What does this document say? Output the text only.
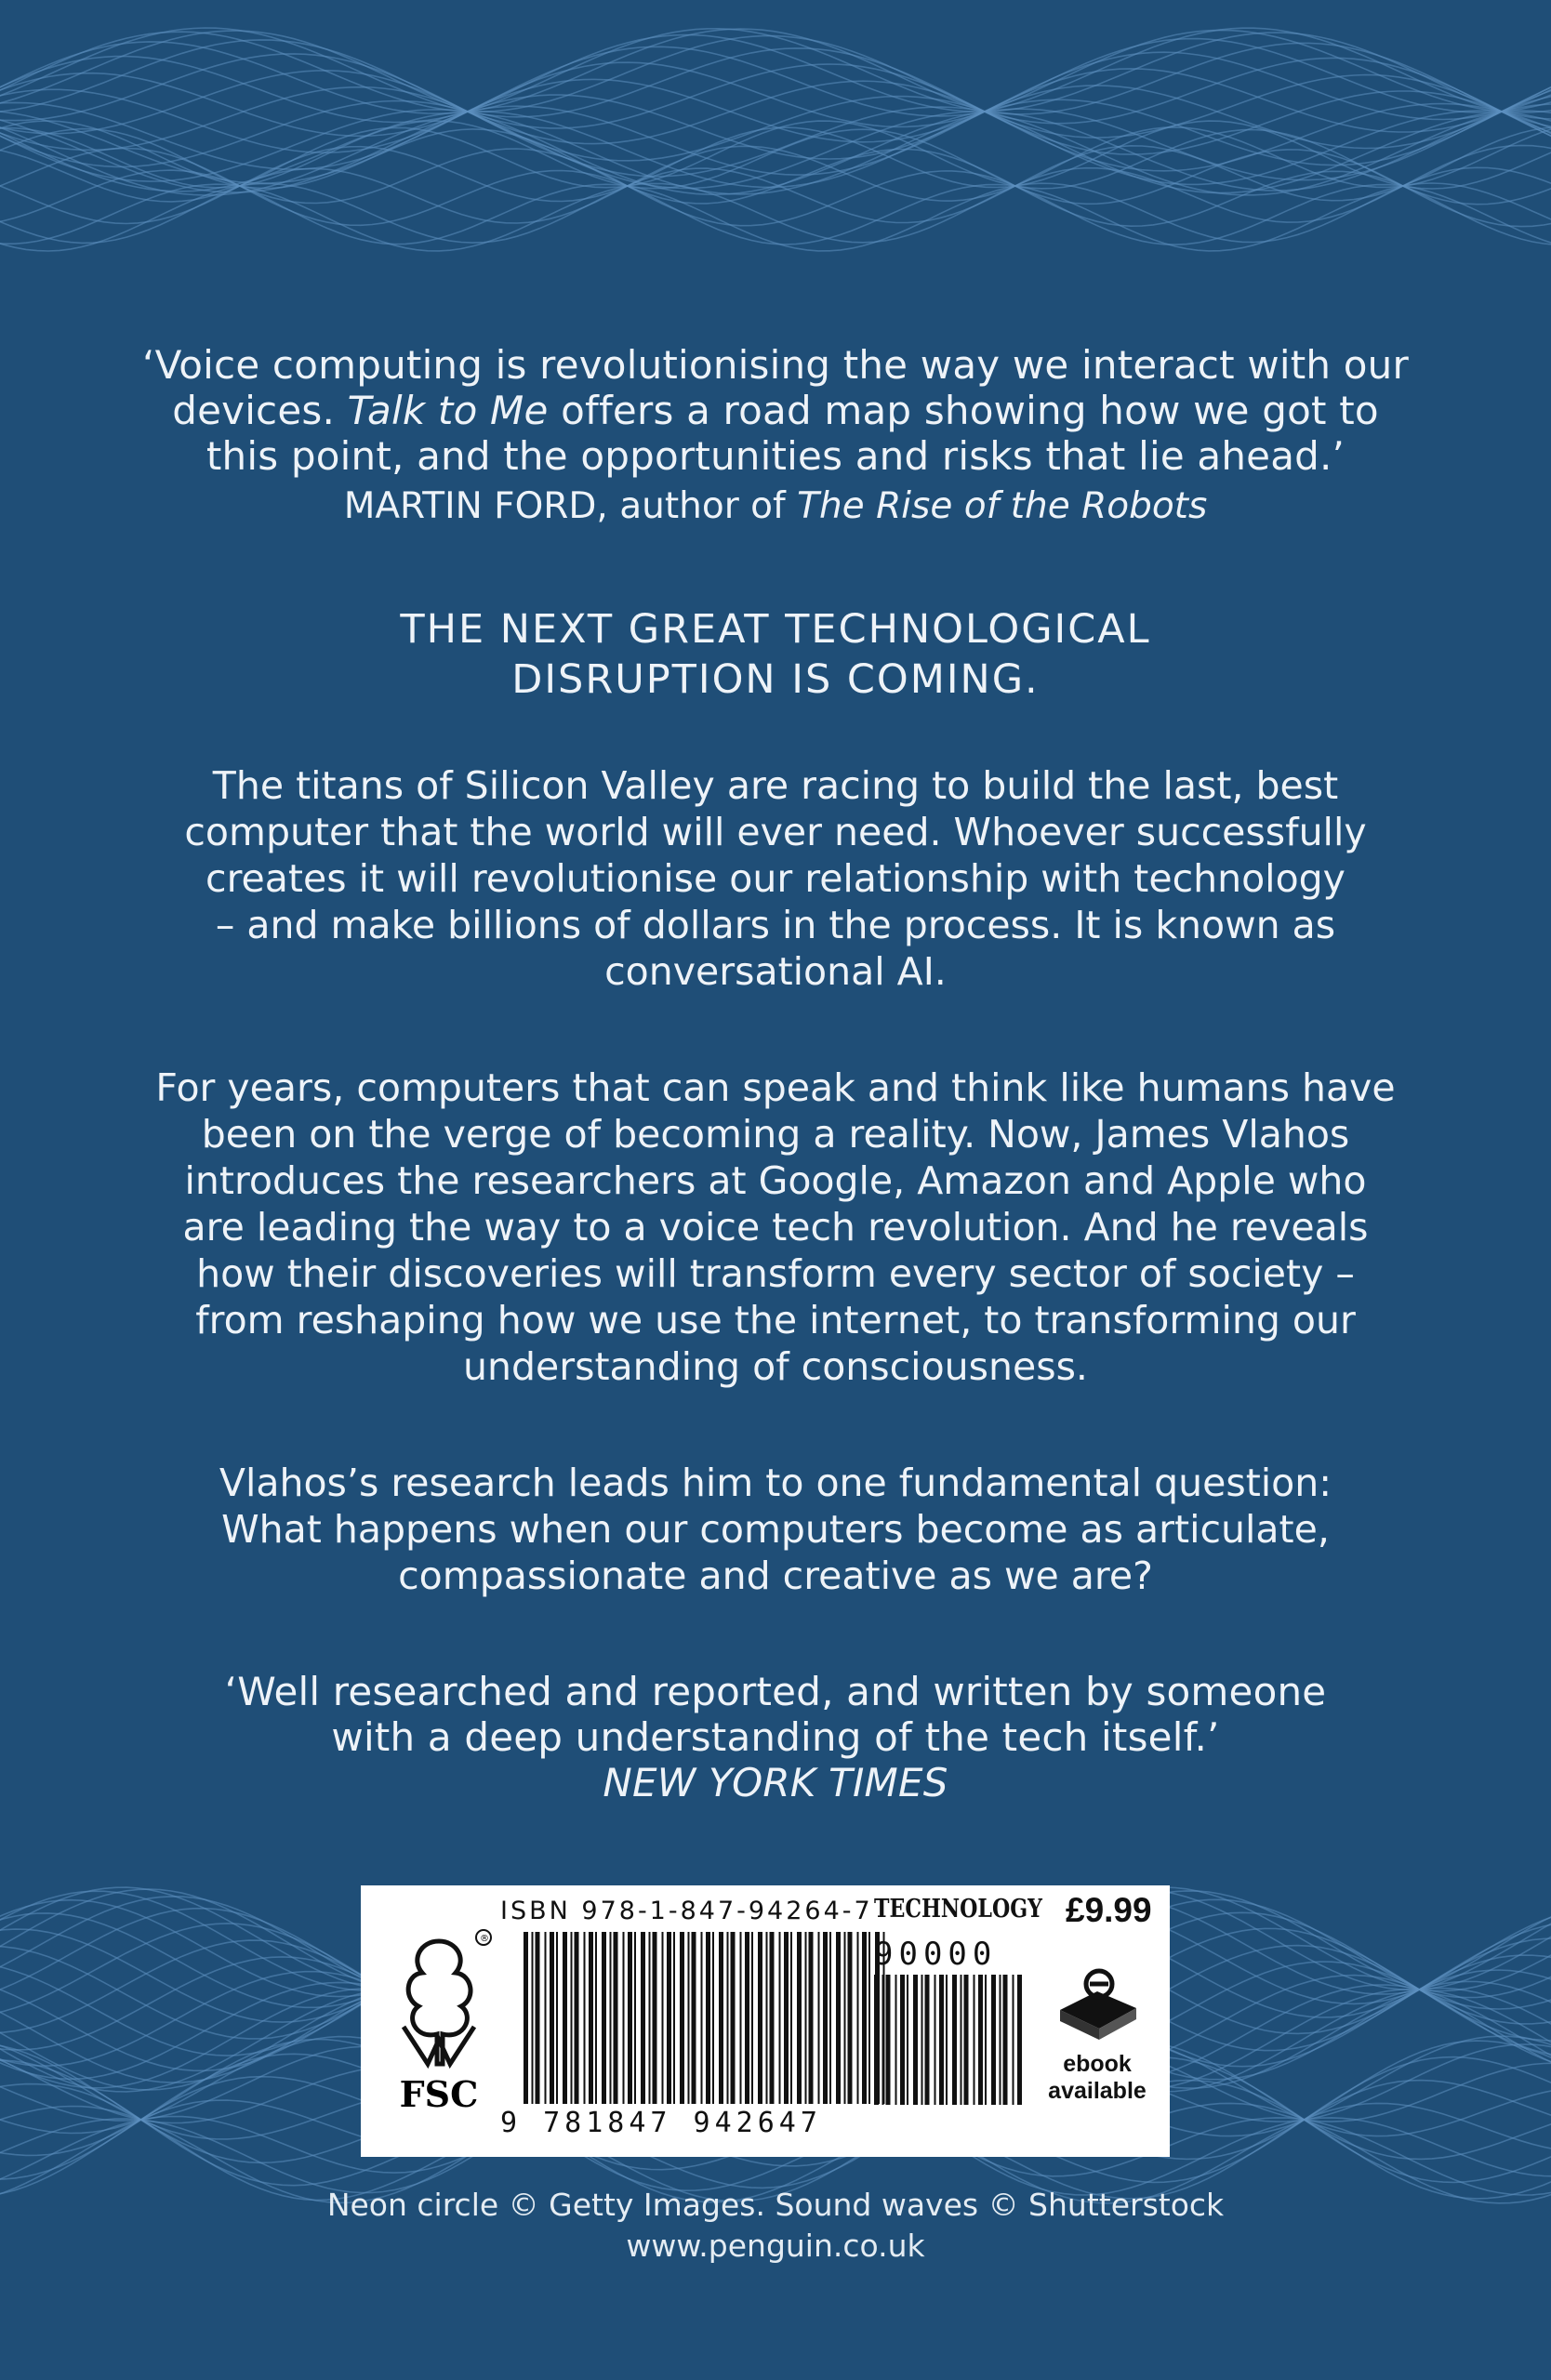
‘Voice computing is revolutionising the way we interact with our
devices. Talk to Me offers a road map showing how we got to
this point, and the opportunities and risks that lie ahead.’
MARTIN FORD, author of The Rise of the Robots
THE NEXT GREAT TECHNOLOGICAL
DISRUPTION IS COMING.
The titans of Silicon Valley are racing to build the last, best
computer that the world will ever need. Whoever successfully
creates it will revolutionise our relationship with technology
– and make billions of dollars in the process. It is known as
conversational AI.
For years, computers that can speak and think like humans have
been on the verge of becoming a reality. Now, James Vlahos
introduces the researchers at Google, Amazon and Apple who
are leading the way to a voice tech revolution. And he reveals
how their discoveries will transform every sector of society –
from reshaping how we use the internet, to transforming our
understanding of consciousness.
Vlahos’s research leads him to one fundamental question:
What happens when our computers become as articulate,
compassionate and creative as we are?
‘Well researched and reported, and written by someone
with a deep understanding of the tech itself.’
NEW YORK TIMES
®
FSC
ISBN 978-1-847-94264-7
9 781847 942647
TECHNOLOGY £9.99
90000
ebook
available
Neon circle © Getty Images. Sound waves © Shutterstock
www.penguin.co.uk
